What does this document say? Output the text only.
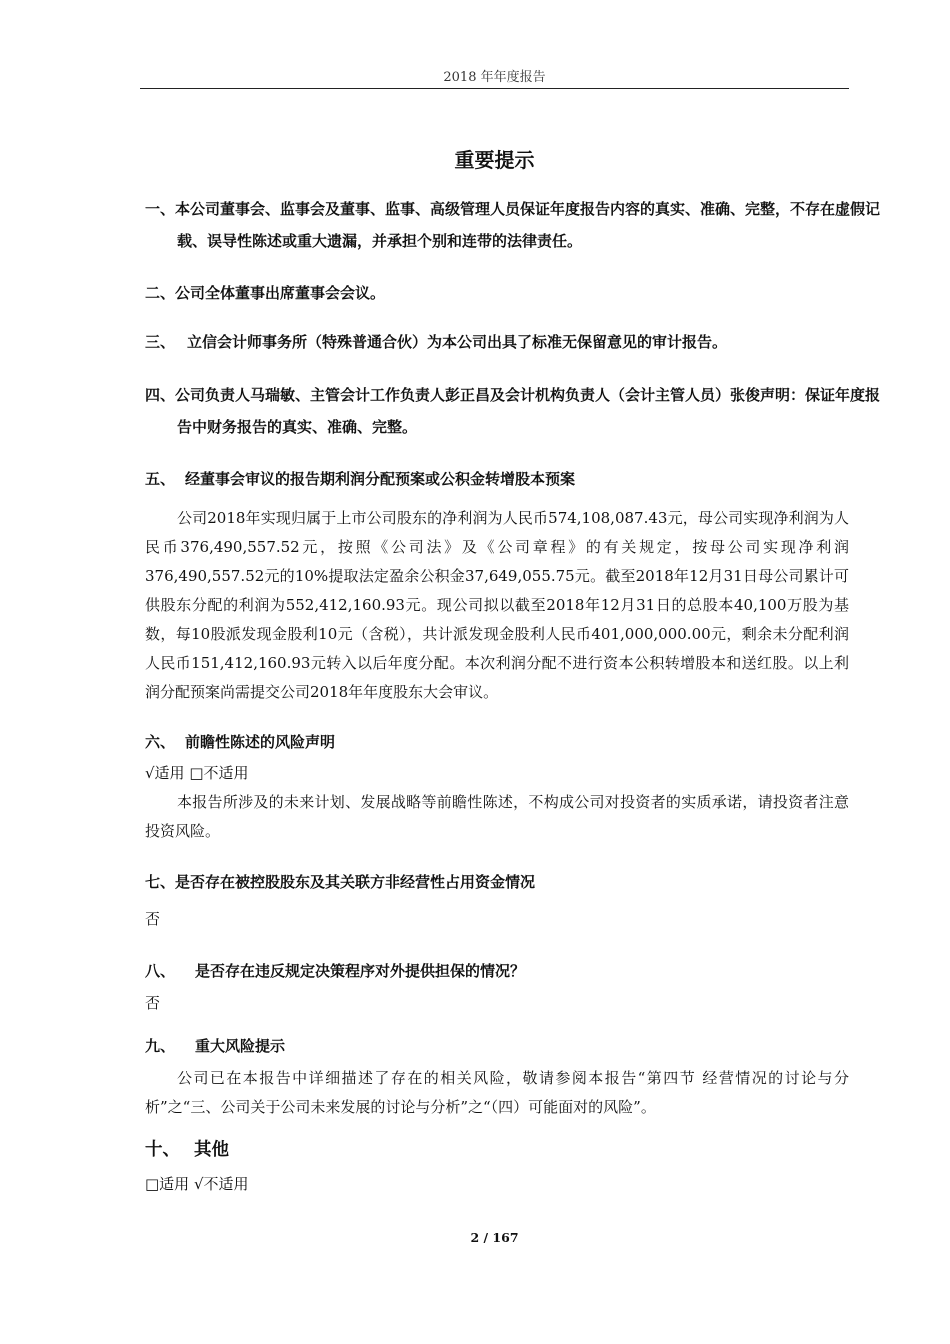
2018 年年度报告
重要提示
一、本公司董事会、监事会及董事、监事、高级管理人员保证年度报告内容的真实、准确、完整，不存在虚假记载、误导性陈述或重大遗漏，并承担个别和连带的法律责任。
二、公司全体董事出席董事会会议。
三、 立信会计师事务所（特殊普通合伙）为本公司出具了标准无保留意见的审计报告。
四、公司负责人马瑞敏、主管会计工作负责人彭正昌及会计机构负责人（会计主管人员）张俊声明：保证年度报告中财务报告的真实、准确、完整。
五、 经董事会审议的报告期利润分配预案或公积金转增股本预案
公司2018年实现归属于上市公司股东的净利润为人民币574,108,087.43元，母公司实现净利润为人民币376,490,557.52元，按照《公司法》及《公司章程》的有关规定，按母公司实现净利润376,490,557.52元的10%提取法定盈余公积金37,649,055.75元。截至2018年12月31日母公司累计可供股东分配的利润为552,412,160.93元。现公司拟以截至2018年12月31日的总股本40,100万股为基数，每10股派发现金股利10元（含税），共计派发现金股利人民币401,000,000.00元，剩余未分配利润人民币151,412,160.93元转入以后年度分配。本次利润分配不进行资本公积转增股本和送红股。以上利润分配预案尚需提交公司2018年年度股东大会审议。
六、 前瞻性陈述的风险声明
√适用 □不适用
本报告所涉及的未来计划、发展战略等前瞻性陈述，不构成公司对投资者的实质承诺，请投资者注意投资风险。
七、是否存在被控股股东及其关联方非经营性占用资金情况
否
八、 是否存在违反规定决策程序对外提供担保的情况？
否
九、 重大风险提示
公司已在本报告中详细描述了存在的相关风险，敬请参阅本报告“第四节 经营情况的讨论与分析”之“三、公司关于公司未来发展的讨论与分析”之“（四）可能面对的风险”。
十、 其他
□适用 √不适用
2 / 167
